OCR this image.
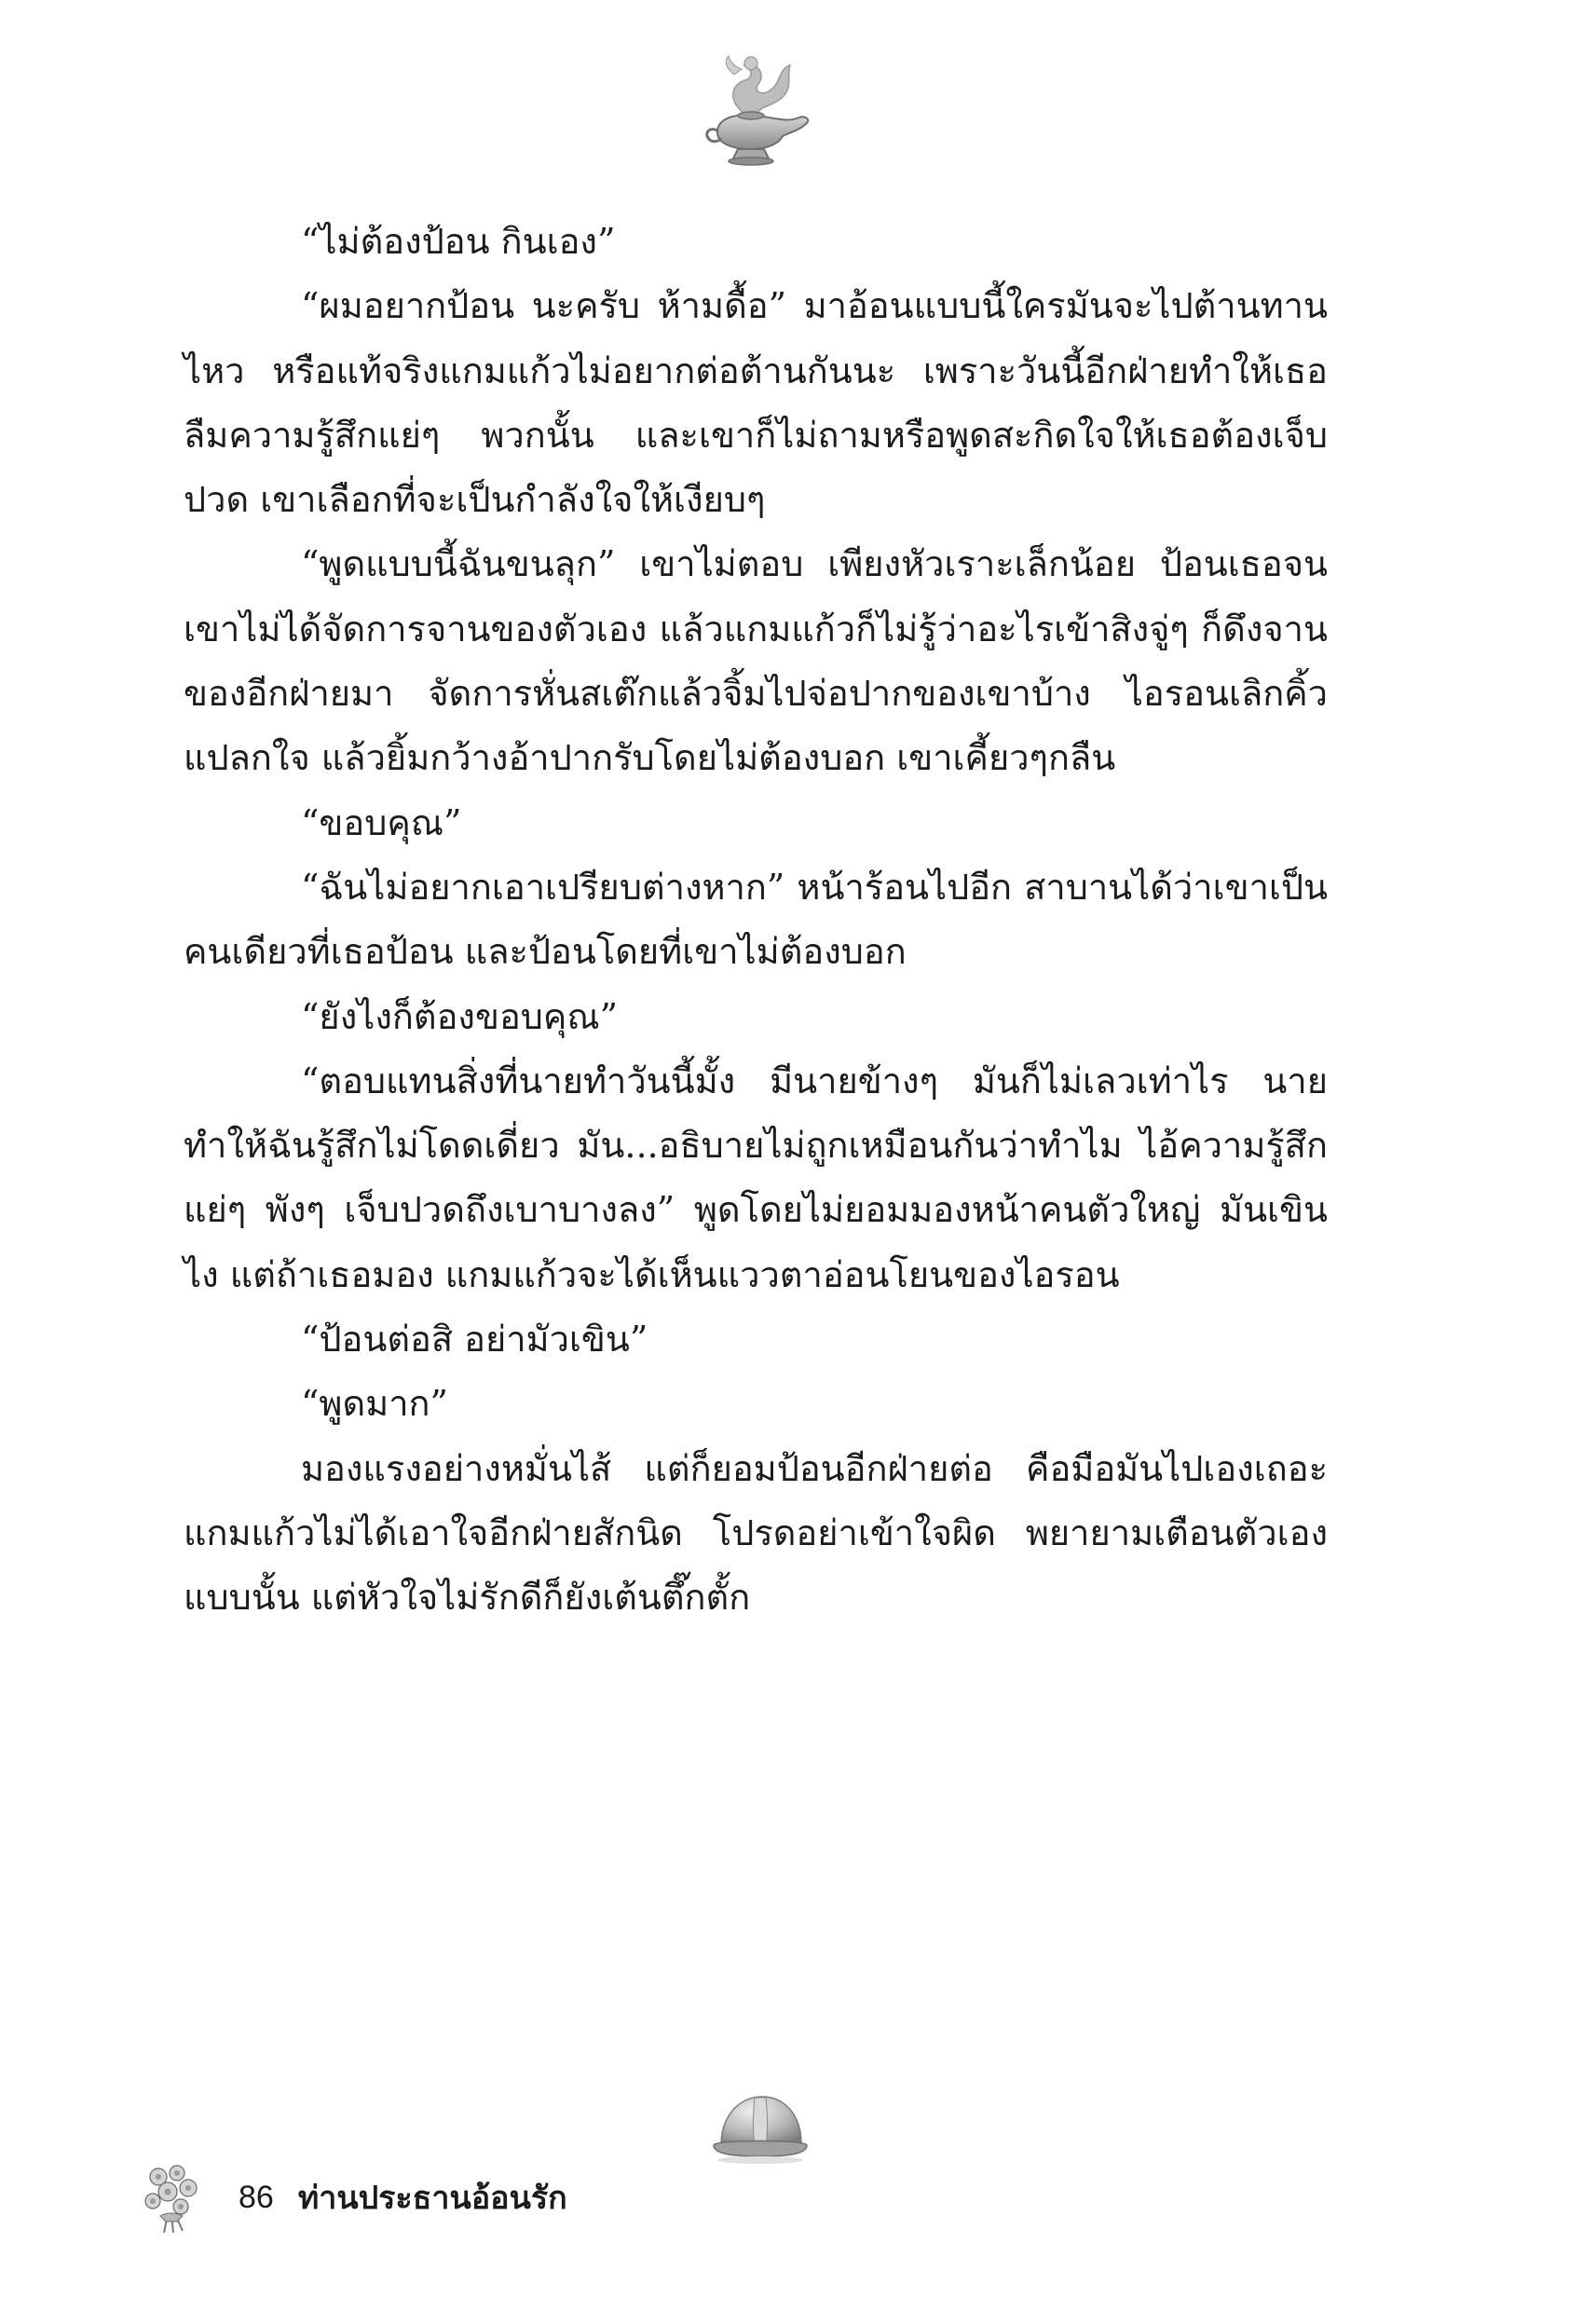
“ไม่ต้องป้อน กินเอง”

“ผมอยากป้อน นะครับ ห้ามดื้อ” มาอ้อนแบบนี้ใครมันจะไปต้านทานไหว หรือแท้จริงแกมแก้วไม่อยากต่อต้านกันนะ เพราะวันนี้อีกฝ่ายทำให้เธอลืมความรู้สึกแย่ๆ พวกนั้น และเขาก็ไม่ถามหรือพูดสะกิดใจให้เธอต้องเจ็บปวด เขาเลือกที่จะเป็นกำลังใจให้เงียบๆ

“พูดแบบนี้ฉันขนลุก” เขาไม่ตอบ เพียงหัวเราะเล็กน้อย ป้อนเธอจนเขาไม่ได้จัดการจานของตัวเอง แล้วแกมแก้วก็ไม่รู้ว่าอะไรเข้าสิงจู่ๆ ก็ดึงจานของอีกฝ่ายมา จัดการหั่นสเต๊กแล้วจิ้มไปจ่อปากของเขาบ้าง ไอรอนเลิกคิ้วแปลกใจ แล้วยิ้มกว้างอ้าปากรับโดยไม่ต้องบอก เขาเคี้ยวๆกลืน

“ขอบคุณ”

“ฉันไม่อยากเอาเปรียบต่างหาก” หน้าร้อนไปอีก สาบานได้ว่าเขาเป็นคนเดียวที่เธอป้อน และป้อนโดยที่เขาไม่ต้องบอก

“ยังไงก็ต้องขอบคุณ”

“ตอบแทนสิ่งที่นายทำวันนี้มั้ง มีนายข้างๆ มันก็ไม่เลวเท่าไร นายทำให้ฉันรู้สึกไม่โดดเดี่ยว มัน...อธิบายไม่ถูกเหมือนกันว่าทำไม ไอ้ความรู้สึกแย่ๆ พังๆ เจ็บปวดถึงเบาบางลง” พูดโดยไม่ยอมมองหน้าคนตัวใหญ่ มันเขินไง แต่ถ้าเธอมอง แกมแก้วจะได้เห็นแววตาอ่อนโยนของไอรอน

“ป้อนต่อสิ อย่ามัวเขิน”

“พูดมาก”

มองแรงอย่างหมั่นไส้ แต่ก็ยอมป้อนอีกฝ่ายต่อ คือมือมันไปเองเถอะ แกมแก้วไม่ได้เอาใจอีกฝ่ายสักนิด โปรดอย่าเข้าใจผิด พยายามเตือนตัวเองแบบนั้น แต่หัวใจไม่รักดีก็ยังเต้นตึ๊กตั้ก

86 ท่านประธานอ้อนรัก
